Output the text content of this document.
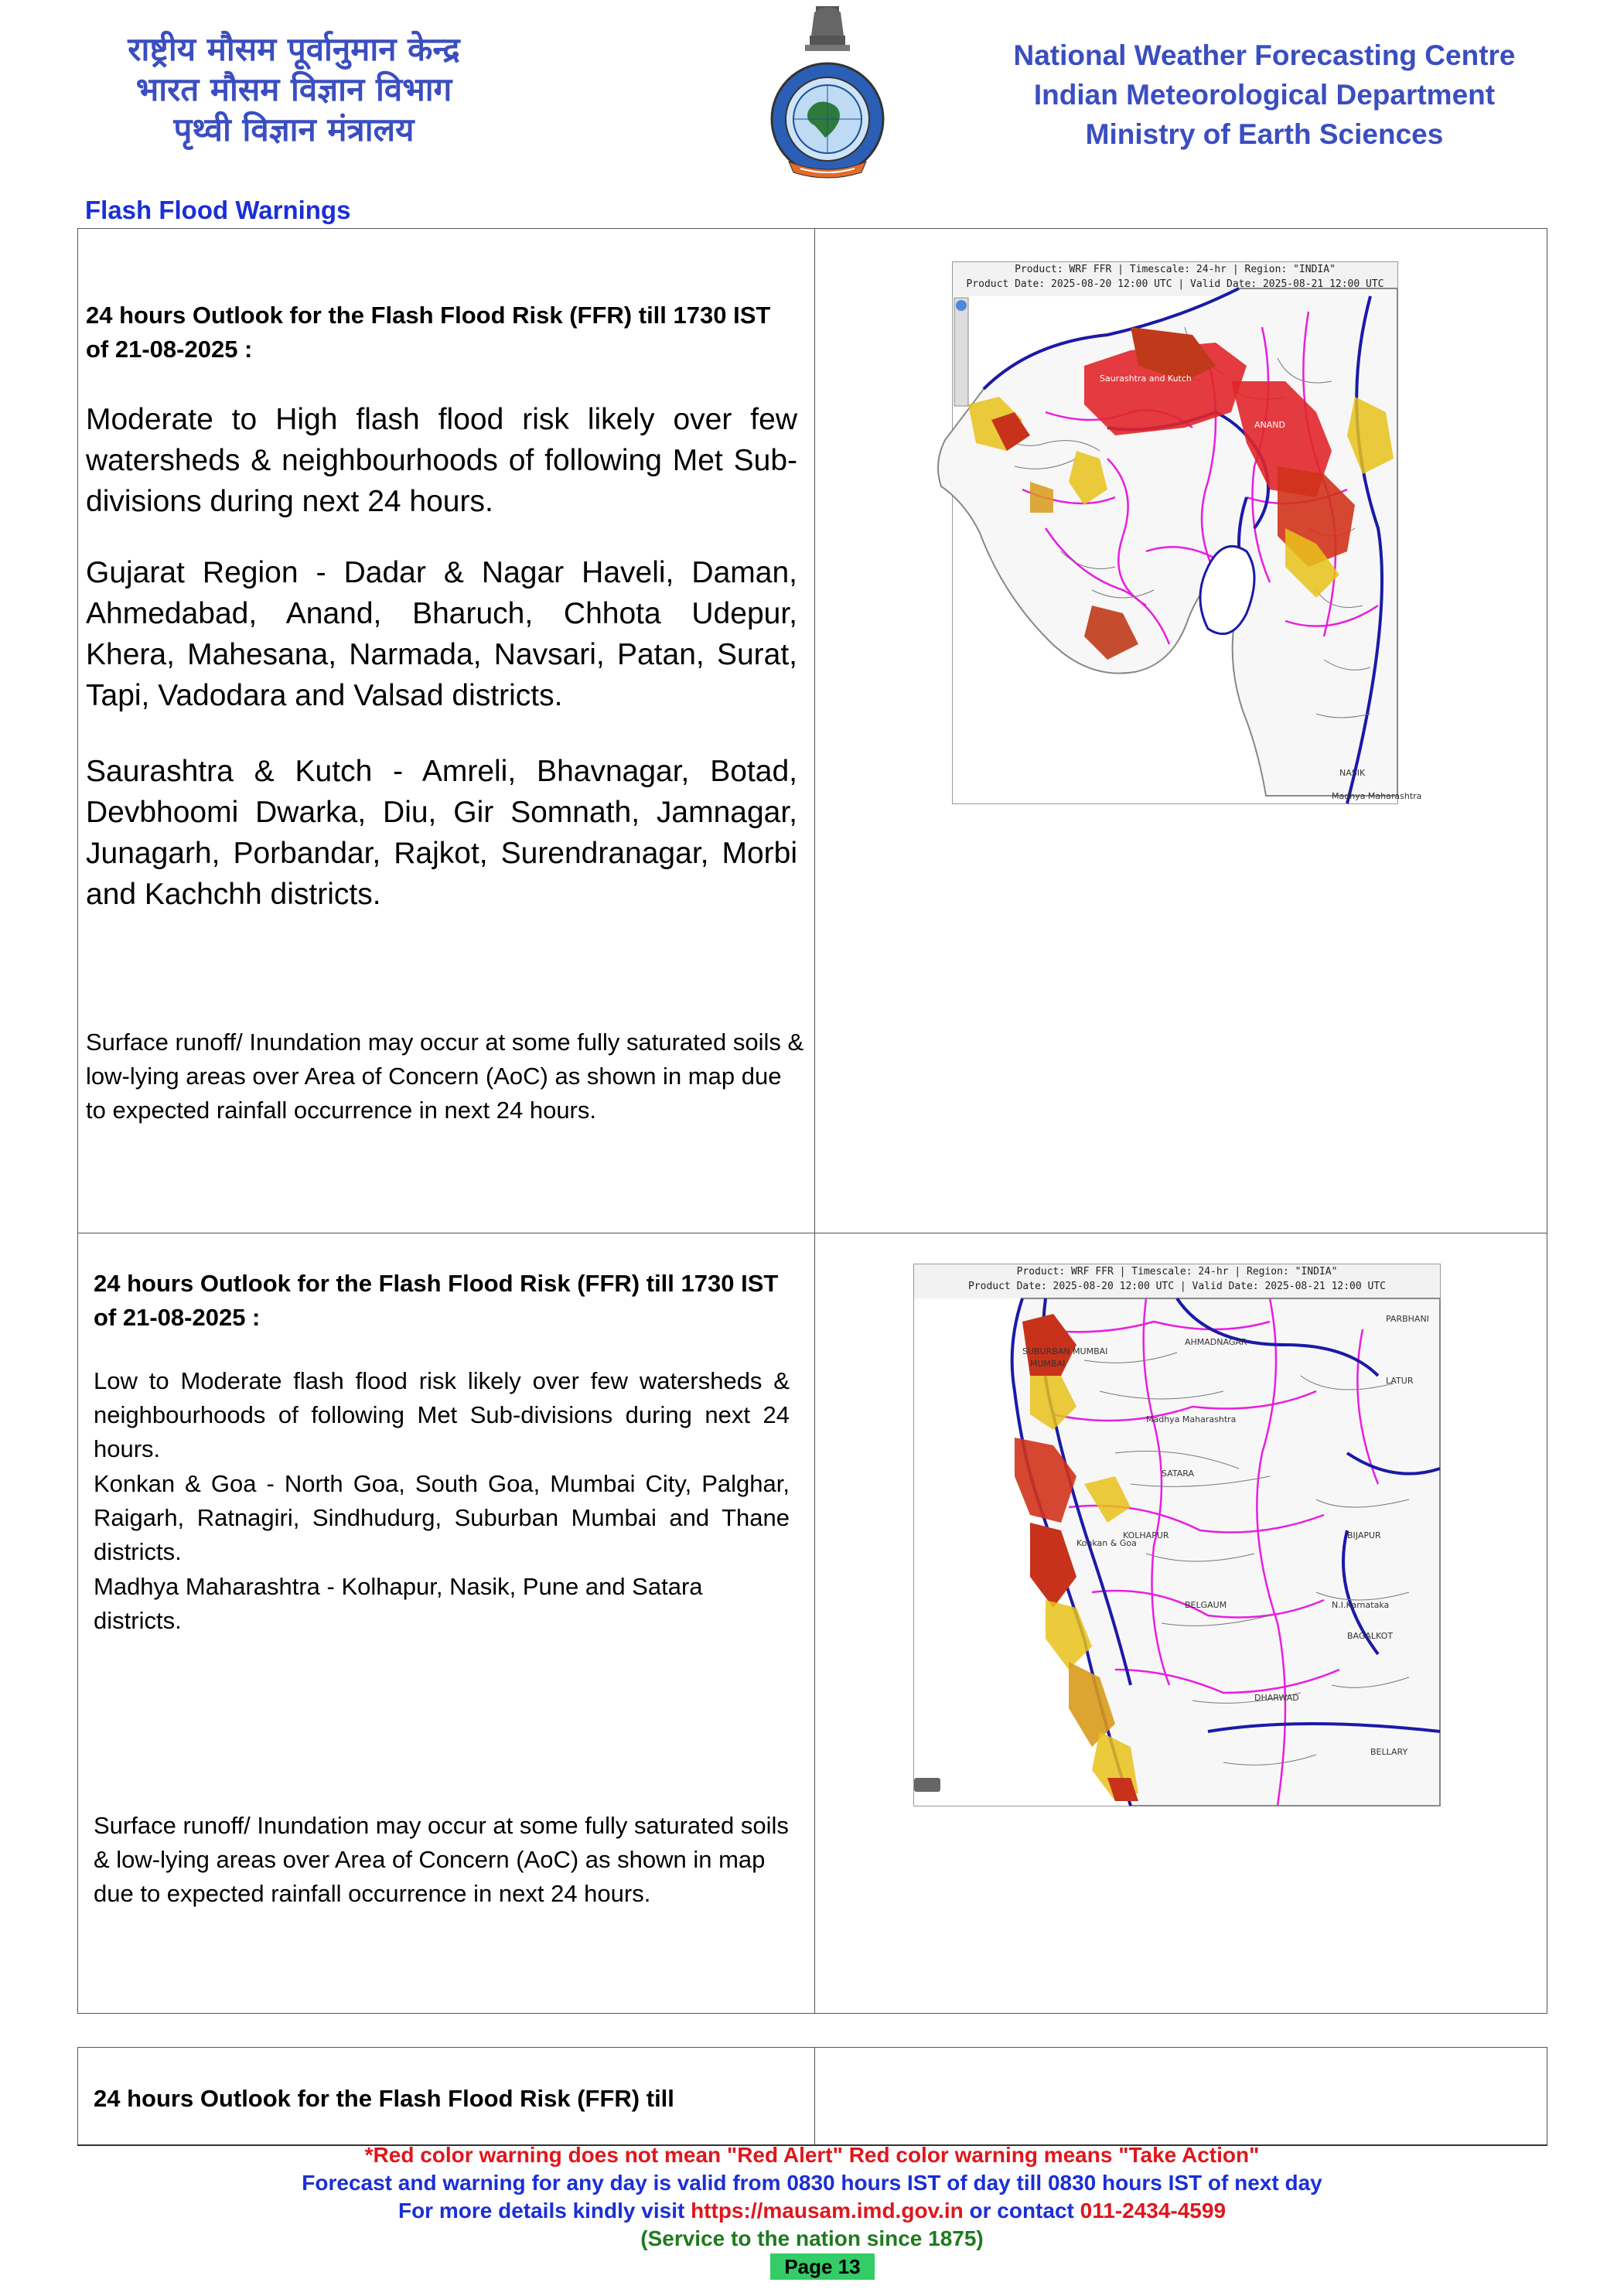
राष्ट्रीय मौसम पूर्वानुमान केन्द्र
भारत मौसम विज्ञान विभाग
पृथ्वी विज्ञान मंत्रालय
National Weather Forecasting Centre
Indian Meteorological Department
Ministry of Earth Sciences
Flash Flood Warnings
24 hours Outlook for the Flash Flood Risk (FFR) till 1730 IST of 21-08-2025 :
Moderate to High flash flood risk likely over few watersheds & neighbourhoods of following Met Sub-divisions during next 24 hours.
Gujarat Region - Dadar & Nagar Haveli, Daman, Ahmedabad, Anand, Bharuch, Chhota Udepur, Khera, Mahesana, Narmada, Navsari, Patan, Surat, Tapi, Vadodara and Valsad districts.
Saurashtra & Kutch - Amreli, Bhavnagar, Botad, Devbhoomi Dwarka, Diu, Gir Somnath, Jamnagar, Junagarh, Porbandar, Rajkot, Surendranagar, Morbi and Kachchh districts.
Surface runoff/ Inundation may occur at some fully saturated soils & low-lying areas over Area of Concern (AoC) as shown in map due to expected rainfall occurrence in next 24 hours.
Product: WRF FFR | Timescale: 24-hr | Region: "INDIA"
Product Date: 2025-08-20 12:00 UTC | Valid Date: 2025-08-21 12:00 UTC
Saurashtra and Kutch
ANAND
Madhya Maharashtra
NASIK
24 hours Outlook for the Flash Flood Risk (FFR) till 1730 IST of 21-08-2025 :
Low to Moderate flash flood risk likely over few watersheds & neighbourhoods of following Met Sub-divisions during next 24 hours.
Konkan & Goa - North Goa, South Goa, Mumbai City, Palghar, Raigarh, Ratnagiri, Sindhudurg, Suburban Mumbai and Thane districts.
Madhya Maharashtra - Kolhapur, Nasik, Pune and Satara districts.
Surface runoff/ Inundation may occur at some fully saturated soils & low-lying areas over Area of Concern (AoC) as shown in map due to expected rainfall occurrence in next 24 hours.
Product: WRF FFR | Timescale: 24-hr | Region: "INDIA"
Product Date: 2025-08-20 12:00 UTC | Valid Date: 2025-08-21 12:00 UTC
SUBURBAN MUMBAI
MUMBAI
AHMADNAGAR
Madhya Maharashtra
SATARA
KOLHAPUR
BELGAUM
Konkan & Goa
DHARWAD
N.I.Karnataka
BIJAPUR
BAGALKOT
BELLARY
PARBHANI
LATUR
24 hours Outlook for the Flash Flood Risk (FFR) till
*Red color warning does not mean "Red Alert" Red color warning means "Take Action"
Forecast and warning for any day is valid from 0830 hours IST of day till 0830 hours IST of next day
For more details kindly visit https://mausam.imd.gov.in or contact 011-2434-4599
(Service to the nation since 1875)
Page 13
